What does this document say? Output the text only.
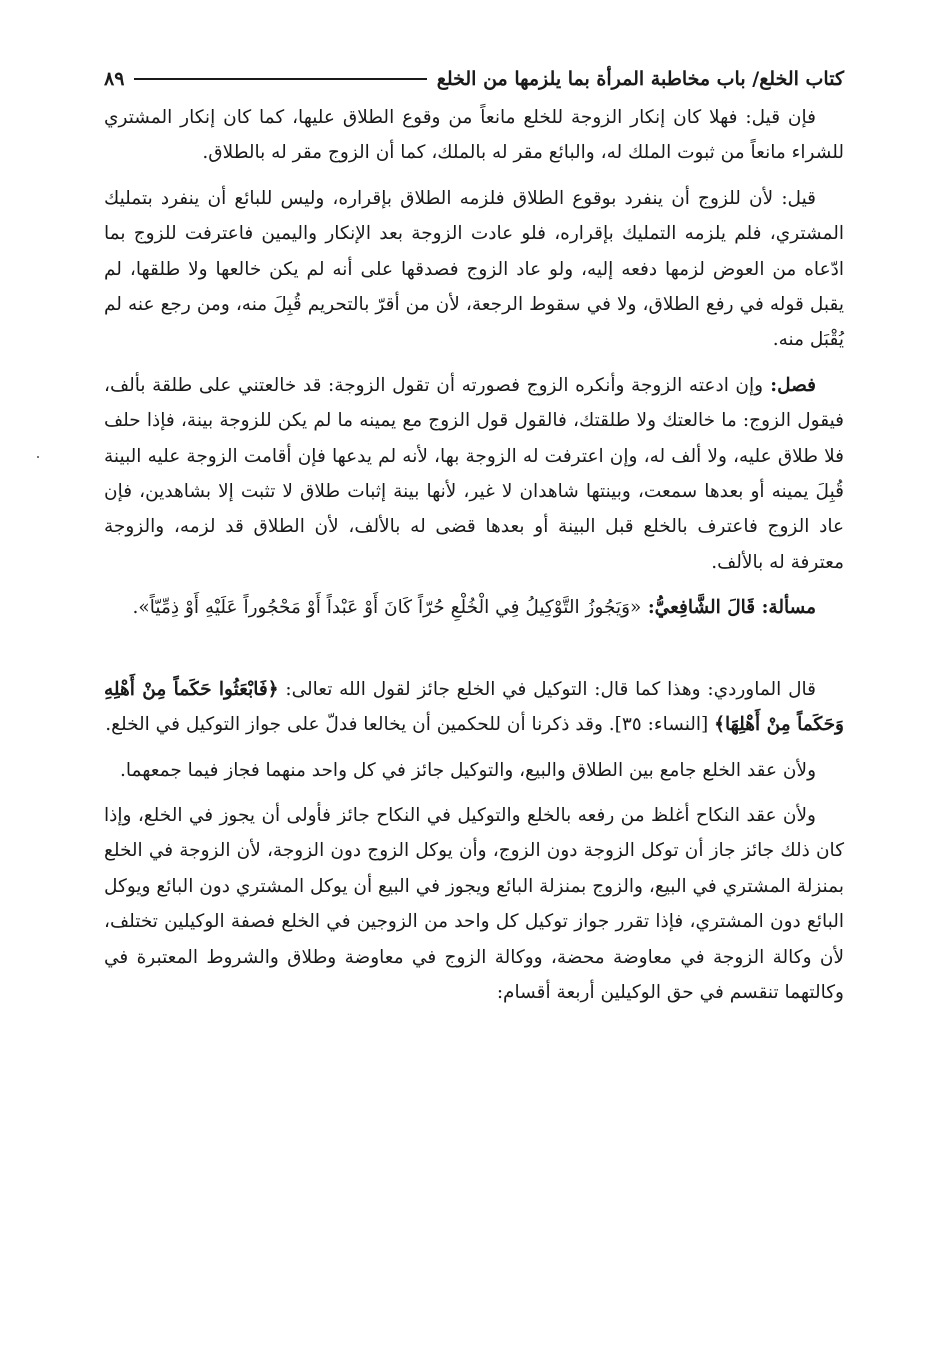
كتاب الخلع/ باب مخاطبة المرأة بما يلزمها من الخلع
٨٩

فإن قيل: فهلا كان إنكار الزوجة للخلع مانعاً من وقوع الطلاق عليها، كما كان إنكار المشتري للشراء مانعاً من ثبوت الملك له، والبائع مقر له بالملك، كما أن الزوج مقر له بالطلاق.

قيل: لأن للزوج أن ينفرد بوقوع الطلاق فلزمه الطلاق بإقراره، وليس للبائع أن ينفرد بتمليك المشتري، فلم يلزمه التمليك بإقراره، فلو عادت الزوجة بعد الإنكار واليمين فاعترفت للزوج بما ادّعاه من العوض لزمها دفعه إليه، ولو عاد الزوج فصدقها على أنه لم يكن خالعها ولا طلقها، لم يقبل قوله في رفع الطلاق، ولا في سقوط الرجعة، لأن من أقرّ بالتحريم قُبِلَ منه، ومن رجع عنه لم يُقْبَل منه.

فصل: وإن ادعته الزوجة وأنكره الزوج فصورته أن تقول الزوجة: قد خالعتني على طلقة بألف، فيقول الزوج: ما خالعتك ولا طلقتك، فالقول قول الزوج مع يمينه ما لم يكن للزوجة بينة، فإذا حلف فلا طلاق عليه، ولا ألف له، وإن اعترفت له الزوجة بها، لأنه لم يدعها فإن أقامت الزوجة عليه البينة قُبِلَ يمينه أو بعدها سمعت، وبينتها شاهدان لا غير، لأنها بينة إثبات طلاق لا تثبت إلا بشاهدين، فإن عاد الزوج فاعترف بالخلع قبل البينة أو بعدها قضى له بالألف، لأن الطلاق قد لزمه، والزوجة معترفة له بالألف.

مسألة: قَالَ الشَّافِعيُّ: «وَيَجُوزُ التَّوْكِيلُ فِي الْخُلْعِ حُرّاً كَانَ أَوْ عَبْداً أَوْ مَحْجُوراً عَلَيْهِ أَوْ ذِمِّيّاً».

قال الماوردي: وهذا كما قال: التوكيل في الخلع جائز لقول الله تعالى: ﴿فَابْعَثُوا حَكَماً مِنْ أَهْلِهِ وَحَكَماً مِنْ أَهْلِهَا﴾ [النساء: ٣٥]. وقد ذكرنا أن للحكمين أن يخالعا فدلّ على جواز التوكيل في الخلع.

ولأن عقد الخلع جامع بين الطلاق والبيع، والتوكيل جائز في كل واحد منهما فجاز فيما جمعهما.

ولأن عقد النكاح أغلظ من رفعه بالخلع والتوكيل في النكاح جائز فأولى أن يجوز في الخلع، وإذا كان ذلك جائز جاز أن توكل الزوجة دون الزوج، وأن يوكل الزوج دون الزوجة، لأن الزوجة في الخلع بمنزلة المشتري في البيع، والزوج بمنزلة البائع ويجوز في البيع أن يوكل المشتري دون البائع ويوكل البائع دون المشتري، فإذا تقرر جواز توكيل كل واحد من الزوجين في الخلع فصفة الوكيلين تختلف، لأن وكالة الزوجة في معاوضة محضة، ووكالة الزوج في معاوضة وطلاق والشروط المعتبرة في وكالتهما تنقسم في حق الوكيلين أربعة أقسام:
